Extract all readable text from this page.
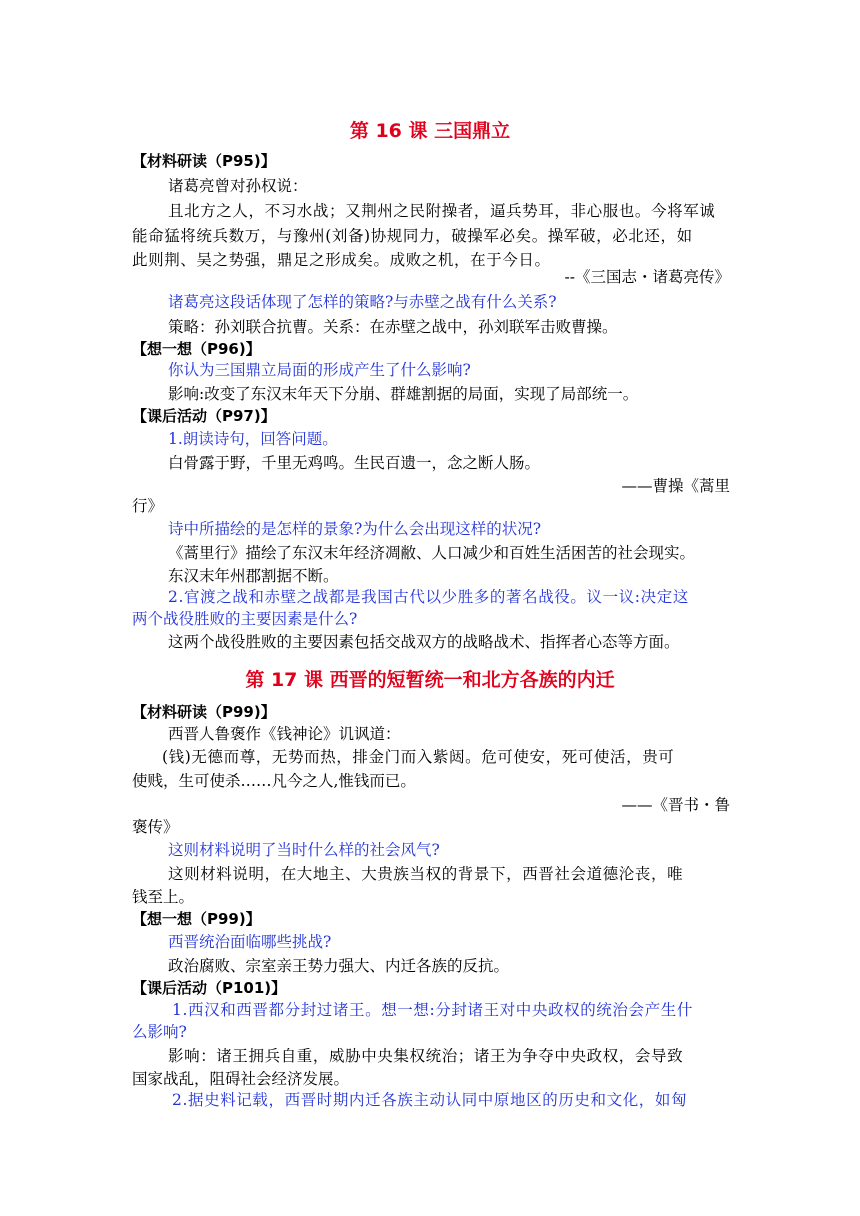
第 16 课 三国鼎立
【材料研读（P95)】
诸葛亮曾对孙权说：
且北方之人，不习水战；又荆州之民附操者，逼兵势耳，非心服也。今将军诚
能命猛将统兵数万，与豫州(刘备)协规同力，破操军必矣。操军破，必北还，如
此则荆、吴之势强，鼎足之形成矣。成败之机，在于今日。
--《三国志・诸葛亮传》
诸葛亮这段话体现了怎样的策略?与赤壁之战有什么关系?
策略：孙刘联合抗曹。关系：在赤壁之战中，孙刘联军击败曹操。
【想一想（P96)】
你认为三国鼎立局面的形成产生了什么影响?
影响:改变了东汉末年天下分崩、群雄割据的局面，实现了局部统一。
【课后活动（P97)】
1.朗读诗句，回答问题。
白骨露于野，千里无鸡鸣。生民百遗一，念之断人肠。
——曹操《蒿里
行》
诗中所描绘的是怎样的景象?为什么会出现这样的状况?
《蒿里行》描绘了东汉末年经济凋敝、人口减少和百姓生活困苦的社会现实。
东汉末年州郡割据不断。
2.官渡之战和赤壁之战都是我国古代以少胜多的著名战役。议一议:决定这
两个战役胜败的主要因素是什么?
这两个战役胜败的主要因素包括交战双方的战略战术、指挥者心态等方面。
第 17 课 西晋的短暂统一和北方各族的内迁
【材料研读（P99)】
西晋人鲁褒作《钱神论》讥讽道：
(钱)无德而尊，无势而热，排金门而入紫闼。危可使安，死可使活，贵可
使贱，生可使杀……凡今之人,惟钱而已。
——《晋书・鲁
褒传》
这则材料说明了当时什么样的社会风气?
这则材料说明，在大地主、大贵族当权的背景下，西晋社会道德沦丧，唯
钱至上。
【想一想（P99)】
西晋统治面临哪些挑战?
政治腐败、宗室亲王势力强大、内迁各族的反抗。
【课后活动（P101)】
1.西汉和西晋都分封过诸王。想一想:分封诸王对中央政权的统治会产生什
么影响?
影响：诸王拥兵自重，威胁中央集权统治；诸王为争夺中央政权，会导致
国家战乱，阻碍社会经济发展。
2.据史料记载，西晋时期内迁各族主动认同中原地区的历史和文化，如匈
